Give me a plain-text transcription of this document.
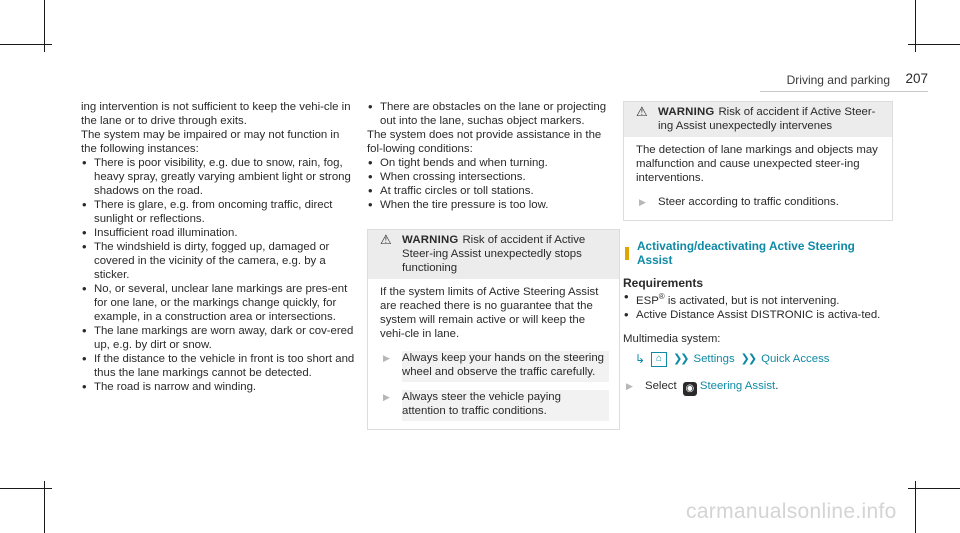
Driving and parking 207

ing intervention is not sufficient to keep the vehi-cle in the lane or to drive through exits.

The system may be impaired or may not function in the following instances:

• There is poor visibility, e.g. due to snow, rain, fog, heavy spray, greatly varying ambient light or strong shadows on the road.
• There is glare, e.g. from oncoming traffic, direct sunlight or reflections.
• Insufficient road illumination.
• The windshield is dirty, fogged up, damaged or covered in the vicinity of the camera, e.g. by a sticker.
• No, or several, unclear lane markings are pres-ent for one lane, or the markings change quickly, for example, in a construction area or intersections.
• The lane markings are worn away, dark or cov-ered up, e.g. by dirt or snow.
• If the distance to the vehicle in front is too short and thus the lane markings cannot be detected.
• The road is narrow and winding.
• There are obstacles on the lane or projecting out into the lane, suchas object markers.

The system does not provide assistance in the fol-lowing conditions:

• On tight bends and when turning.
• When crossing intersections.
• At traffic circles or toll stations.
• When the tire pressure is too low.
⚠ WARNING Risk of accident if Active Steer-ing Assist unexpectedly stops functioning

If the system limits of Active Steering Assist are reached there is no guarantee that the system will remain active or will keep the vehi-cle in lane.

▶	Always keep your hands on the steering wheel and observe the traffic carefully.
▶	Always steer the vehicle paying attention to traffic conditions.
⚠ WARNING Risk of accident if Active Steer-ing Assist unexpectedly intervenes

The detection of lane markings and objects may malfunction and cause unexpected steer-ing interventions.

▶	Steer according to traffic conditions.
Activating/deactivating Active Steering Assist

Requirements

• ESP® is activated, but is not intervening.
• Active Distance Assist DISTRONIC is activa-ted.

Multimedia system:

↳	⌂ ❯❯ Settings ❯❯ Quick Access
▶	Select ◉ Steering Assist.
carmanualsonline.info
